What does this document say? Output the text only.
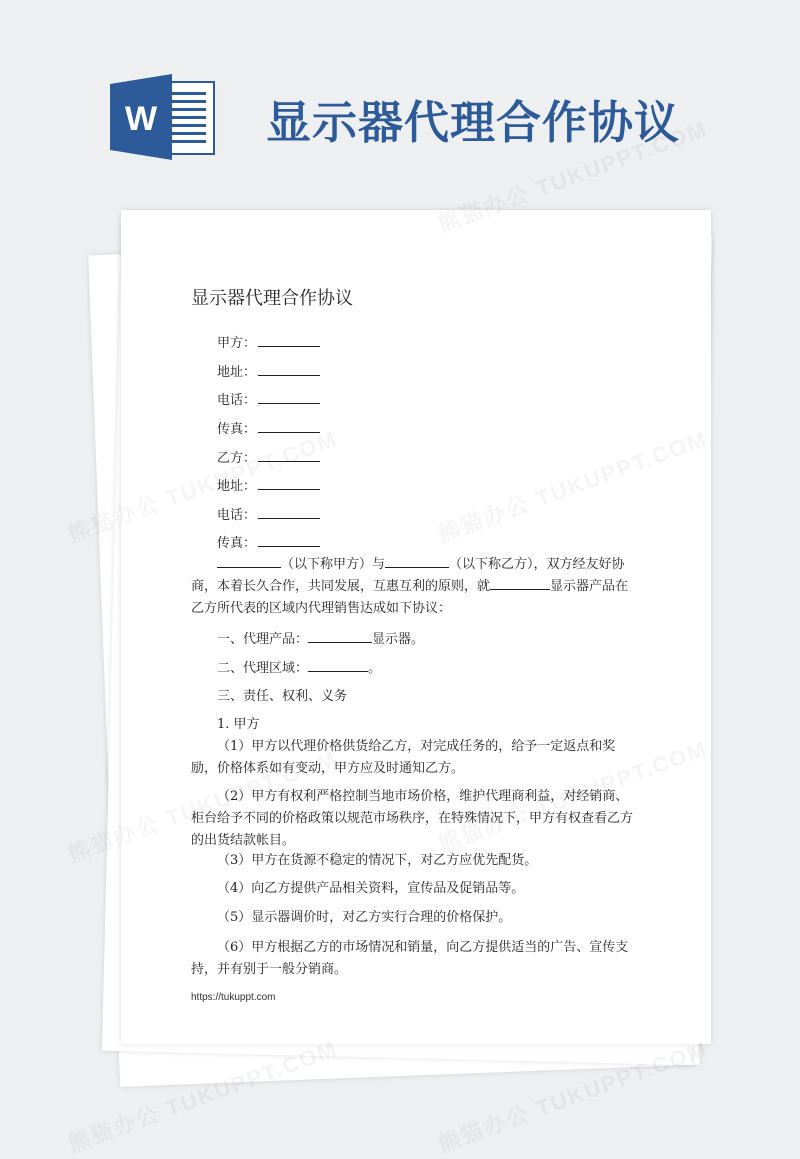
W 显示器代理合作协议
显示器代理合作协议
甲方：
地址：
电话：
传真：
乙方：
地址：
电话：
传真：
（以下称甲方）与	（以下称乙方），双方经友好协商，本着长久合作，共同发展，互惠互利的原则，就	显示器产品在乙方所代表的区域内代理销售达成如下协议：
一、代理产品：	显示器。
二、代理区域：	。
三、责任、权利、义务
1. 甲方
（1）甲方以代理价格供货给乙方，对完成任务的，给予一定返点和奖励，价格体系如有变动，甲方应及时通知乙方。
（2）甲方有权利严格控制当地市场价格，维护代理商利益，对经销商、柜台给予不同的价格政策以规范市场秩序，在特殊情况下，甲方有权查看乙方的出货结款帐目。
（3）甲方在货源不稳定的情况下，对乙方应优先配货。
（4）向乙方提供产品相关资料，宣传品及促销品等。
（5）显示器调价时，对乙方实行合理的价格保护。
（6）甲方根据乙方的市场情况和销量，向乙方提供适当的广告、宣传支持，并有别于一般分销商。
https://tukuppt.com
